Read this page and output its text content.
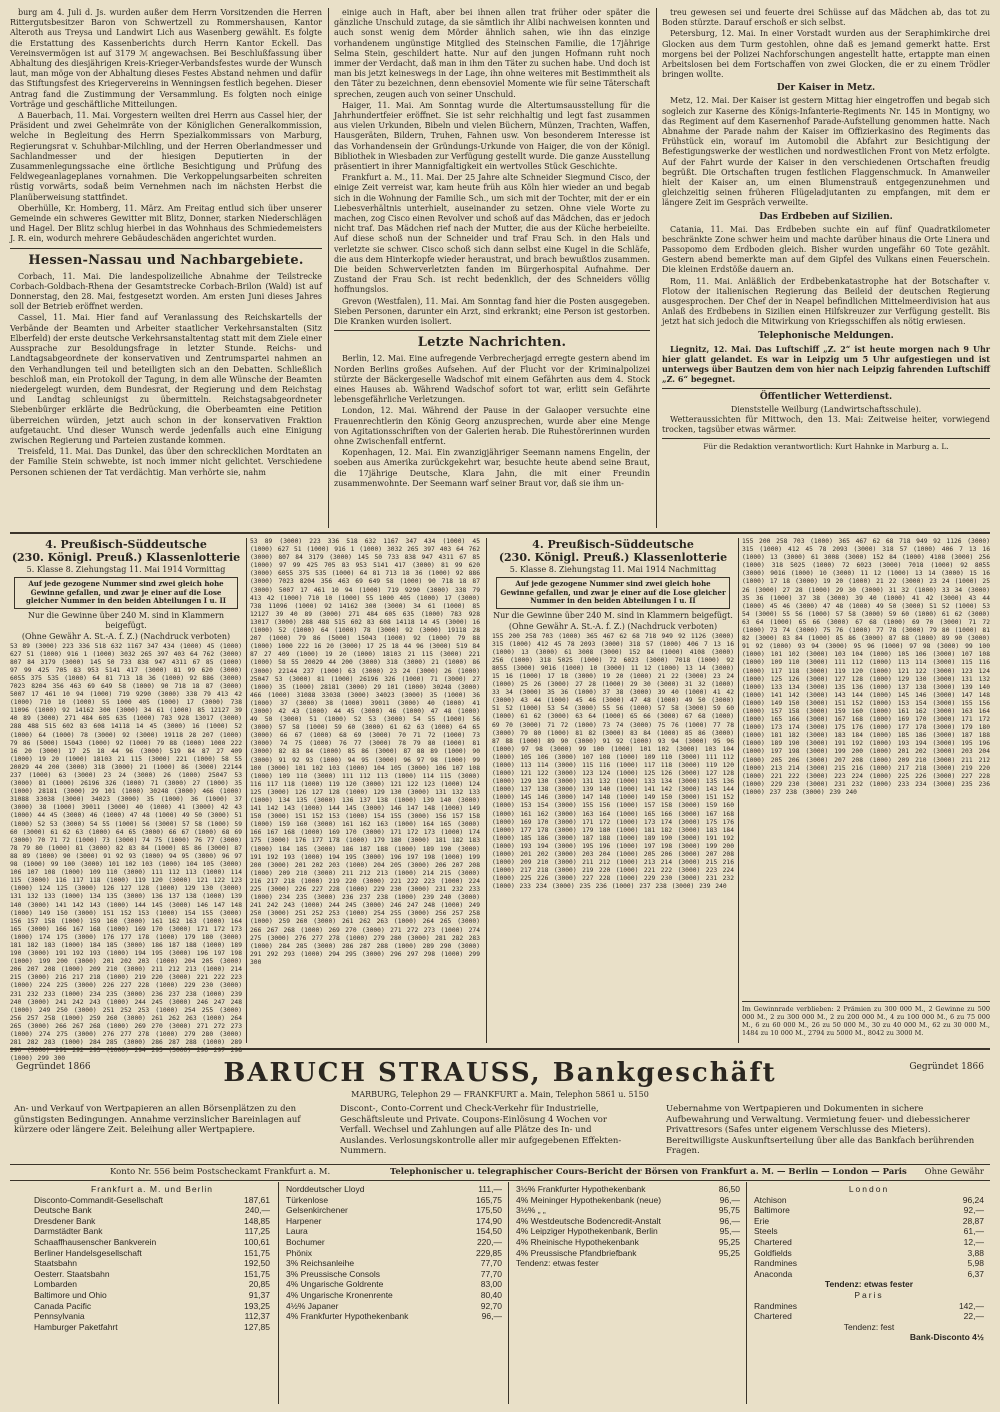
burg am 4. Juli d. Js. wurden außer dem Herrn Vorsitzenden die Herren Rittergutsbesitzer Baron von Schwertzell zu Rommershausen, Kantor Alteroth aus Treysa und Landwirt Lich aus Wasenberg gewählt. Es folgte die Erstattung des Kassenberichts durch Herrn Kantor Eckell. Das Vereinsvermögen ist auf 3179 ℳ angewachsen. Bei Beschlußfassung über Abhaltung des diesjährigen Kreis-Krieger-Verbandsfestes wurde der Wunsch laut, man möge von der Abhaltung dieses Festes Abstand nehmen und dafür das Stiftungsfest des Kriegervereins in Wenningsen festlich begehen. Dieser Antrag fand die Zustimmung der Versammlung. Es folgten noch einige Vorträge und geschäftliche Mitteilungen.

Δ Bauerbach, 11. Mai. Vorgestern weilten drei Herrn aus Cassel hier, der Präsident und zwei Geheimräte von der Königlichen Generalkommission, welche in Begleitung des Herrn Spezialkommissars von Marburg, Regierungsrat v. Schuhbar-Milchling, und der Herren Oberlandmesser und Sachlandmesser und der hiesigen Deputierten in der Zusammenlegungssache eine örtliche Besichtigung und Prüfung des Feldwegeanlageplanes vornahmen. Die Verkoppelungsarbeiten schreiten rüstig vorwärts, sodaß beim Vernehmen nach im nächsten Herbst die Planüberweisung stattfindet.

Oberhülle, Kr. Homberg, 11. März. Am Freitag entlud sich über unserer Gemeinde ein schweres Gewitter mit Blitz, Donner, starken Niederschlägen und Hagel. Der Blitz schlug hierbei in das Wohnhaus des Schmiedemeisters J. R. ein, wodurch mehrere Gebäudeschäden angerichtet wurden.

Hessen-Nassau und Nachbargebiete.

Corbach, 11. Mai. Die landespolizeiliche Abnahme der Teilstrecke Corbach-Goldbach-Rhena der Gesamtstrecke Corbach-Brilon (Wald) ist auf Donnerstag, den 28. Mai, festgesetzt worden. Am ersten Juni dieses Jahres soll der Betrieb eröffnet werden.

Cassel, 11. Mai. Hier fand auf Veranlassung des Reichskartells der Verbände der Beamten und Arbeiter staatlicher Verkehrsanstalten (Sitz Elberfeld) der erste deutsche Verkehrsanstaltentag statt mit dem Ziele einer Aussprache zur Besoldungsfrage in letzter Stunde. Reichs- und Landtagsabgeordnete der konservativen und Zentrumspartei nahmen an den Verhandlungen teil und beteiligten sich an den Debatten. Schließlich beschloß man, ein Protokoll der Tagung, in dem alle Wünsche der Beamten niedergelegt wurden, dem Bundesrat, der Regierung und dem Reichstag und Landtag schleunigst zu übermitteln. Reichstagsabgeordneter Siebenbürger erklärte die Bedrückung, die Oberbeamten eine Petition überreichen würden, jetzt auch schon in der konservativen Fraktion aufgetaucht. Und dieser Wunsch werde jedenfalls auch eine Einigung zwischen Regierung und Parteien zustande kommen.

Treisfeld, 11. Mai. Das Dunkel, das über den schrecklichen Mordtaten an der Familie Stein schwebte, ist noch immer nicht gelichtet. Verschiedene Personen schienen der Tat verdächtig. Man verhörte sie, nahm

einige auch in Haft, aber bei ihnen allen trat früher oder später die gänzliche Unschuld zutage, da sie sämtlich ihr Alibi nachweisen konnten und auch sonst wenig dem Mörder ähnlich sahen, wie ihn das einzige vorhandenem ungünstige Mitglied des Steinschen Familie, die 17jährige Selma Stein, geschildert hatte. Nur auf den jungen Hofmann ruht noch immer der Verdacht, daß man in ihm den Täter zu suchen habe. Und doch ist man bis jetzt keineswegs in der Lage, ihn ohne weiteres mit Bestimmtheit als den Täter zu bezeichnen, denn ebensoviel Momente wie für seine Täterschaft sprechen, zeugen auch von seiner Unschuld.

Haiger, 11. Mai. Am Sonntag wurde die Altertumsausstellung für die Jahrhundertfeier eröffnet. Sie ist sehr reichhaltig und legt fast zusammen aus vielen Urkunden, Bibeln und vielen Büchern, Münzen, Trachten, Waffen, Hausgeräten, Bildern, Truhen, Fahnen usw. Von besonderem Interesse ist das Vorhandensein der Gründungs-Urkunde von Haiger, die von der Königl. Bibliothek in Wiesbaden zur Verfügung gestellt wurde. Die ganze Ausstellung präsentiert in ihrer Mannigfaltigkeit ein wertvolles Stück Geschichte.

Frankfurt a. M., 11. Mai. Der 25 Jahre alte Schneider Siegmund Cisco, der einige Zeit verreist war, kam heute früh aus Köln hier wieder an und begab sich in die Wohnung der Familie Sch., um sich mit der Tochter, mit der er ein Liebesverhältnis unterhielt, auseinander zu setzen. Ohne viele Worte zu machen, zog Cisco einen Revolver und schoß auf das Mädchen, das er jedoch nicht traf. Das Mädchen rief nach der Mutter, die aus der Küche herbeieilte. Auf diese schoß nun der Schneider und traf Frau Sch. in den Hals und verletzte sie schwer. Cisco schoß sich dann selbst eine Kugel in die Schläfe, die aus dem Hinterkopfe wieder heraustrat, und brach bewußtlos zusammen. Die beiden Schwerverletzten fanden im Bürgerhospital Aufnahme. Der Zustand der Frau Sch. ist recht bedenklich, der des Schneiders völlig hoffnungslos.

Grevon (Westfalen), 11. Mai. Am Sonntag fand hier die Posten ausgegeben. Sieben Personen, darunter ein Arzt, sind erkrankt; eine Person ist gestorben. Die Kranken wurden isoliert.

Letzte Nachrichten.

Berlin, 12. Mai. Eine aufregende Verbrecherjagd erregte gestern abend im Norden Berlins großes Aufsehen. Auf der Flucht vor der Kriminalpolizei stürzte der Bäckergeselle Wadschof mit einem Gefährten aus dem 4. Stock eines Hauses ab. Während Wadschof sofort tot war, erlitt sein Gefährte lebensgefährliche Verletzungen.

London, 12. Mai. Während der Pause in der Galaoper versuchte eine Frauenrechtlerin den König Georg anzusprechen, wurde aber eine Menge von Agitationsschriften von der Galerien herab. Die Ruhestörerinnen wurden ohne Zwischenfall entfernt.

Kopenhagen, 12. Mai. Ein zwanzigjähriger Seemann namens Engelin, der soeben aus Amerika zurückgekehrt war, besuchte heute abend seine Braut, die 17jährige Deutsche, Klara Jahn, die mit einer Freundin zusammenwohnte. Der Seemann warf seiner Braut vor, daß sie ihm un-

treu gewesen sei und feuerte drei Schüsse auf das Mädchen ab, das tot zu Boden stürzte. Darauf erschoß er sich selbst.

Petersburg, 12. Mai. In einer Vorstadt wurden aus der Seraphimkirche drei Glocken aus dem Turm gestohlen, ohne daß es jemand gemerkt hatte. Erst morgens bei der Polizei Nachforschungen angestellt hatte, ertappte man einen Arbeitslosen bei dem Fortschaffen von zwei Glocken, die er zu einem Trödler bringen wollte.

Der Kaiser in Metz.

Metz, 12. Mai. Der Kaiser ist gestern Mittag hier eingetroffen und begab sich sogleich zur Kaserne des Königs-Infanterie-Regiments Nr. 145 in Montigny, wo das Regiment auf dem Kasernenhof Parade-Aufstellung genommen hatte. Nach Abnahme der Parade nahm der Kaiser im Offizierkasino des Regiments das Frühstück ein, worauf im Automobil die Abfahrt zur Besichtigung der Befestigungswerke der westlichen und nordwestlichen Front von Metz erfolgte. Auf der Fahrt wurde der Kaiser in den verschiedenen Ortschaften freudig begrüßt. Die Ortschaften trugen festlichen Flaggenschmuck. In Amanweiler hielt der Kaiser an, um einen Blumenstrauß entgegenzunehmen und gleichzeitig seinen früheren Flügeladjutanten zu empfangen, mit dem er längere Zeit im Gespräch verweilte.

Das Erdbeben auf Sizilien.

Catania, 11. Mai. Das Erdbeben suchte ein auf fünf Quadratkilometer beschränkte Zone schwer heim und machte darüber hinaus die Orte Linera und Passopomo dem Erdboden gleich. Bisher wurden ungefähr 60 Tote gezählt. Gestern abend bemerkte man auf dem Gipfel des Vulkans einen Feuerschein. Die kleinen Erdstöße dauern an.

Rom, 11. Mai. Anläßlich der Erdbebenkatastrophe hat der Botschafter v. Flotow der italienischen Regierung das Beileid der deutschen Regierung ausgesprochen. Der Chef der in Neapel befindlichen Mittelmeerdivision hat aus Anlaß des Erdbebens in Sizilien einen Hilfskreuzer zur Verfügung gestellt. Bis jetzt hat sich jedoch die Mitwirkung von Kriegsschiffen als nötig erwiesen.

Telephonische Meldungen.

Liegnitz, 12. Mai. Das Luftschiff „Z. 2“ ist heute morgen nach 9 Uhr hier glatt gelandet. Es war in Leipzig um 5 Uhr aufgestiegen und ist unterwegs über Bautzen dem von hier nach Leipzig fahrenden Luftschiff „Z. 6“ begegnet.

Öffentlicher Wetterdienst.
Dienststelle Weilburg (Landwirtschaftsschule).

Wetteraussichten für Mittwoch, den 13. Mai: Zeitweise heiter, vorwiegend trocken, tagsüber etwas wärmer.

Für die Redaktion verantwortlich: Kurt Hahnke in Marburg a. L.
4. Preußisch-Süddeutsche
(230. Königl. Preuß.) Klassenlotterie
5. Klasse 8. Ziehungstag 11. Mai 1914 Vormittag
Auf jede gezogene Nummer sind zwei gleich hohe Gewinne gefallen, und zwar je einer auf die Lose gleicher Nummer in den beiden Abteilungen I u. II
Nur die Gewinne über 240 M. sind in Klammern beigefügt.
(Ohne Gewähr A. St.-A. f. Z.) (Nachdruck verboten)
53 89 (3000) 223 336 518 632 1167 347 434 (1000) 45 (1000) 627 51 (1000) 916 1 (1000) 3032 265 397 403 64 762 (3000) 807 84 3179 (3000) 145 50 733 838 947 4311 67 85 (1000) 97 99 425 705 83 953 5141 417 (3000) 81 99 620 (3000) 6055 375 535 (1000) 64 81 713 18 36 (1000) 92 886 (3000) 7023 8204 356 463 69 649 58 (1000) 90 718 18 87 (3000) 5007 17 461 10 94 (1000) 719 9290 (3000) 338 79 413 42 (1000) 710 10 (1000) 55 1000 405 (1000) 17 (3000) 738 11096 (1000) 92 14162 300 (3000) 34 61 (1000) 85 12127 39 40 89 (3000) 271 484 605 635 (1000) 783 928 13017 (3000) 288 488 515 602 83 608 14118 14 45 (3000) 16 (1000) 52 (1000) 64 (1000) 78 (3000) 92 (3000) 19118 28 207 (1000) 79 86 (5000) 15043 (1000) 92 (1000) 79 88 (1000) 1000 222 16 20 (3000) 17 25 18 44 96 (3000) 519 84 87 27 409 (1000) 19 20 (1000) 18103 21 115 (3000) 221 (1000) 58 55 20029 44 200 (3000) 318 (3000) 21 (1000) 86 (3000) 22144 237 (1000) 63 (3000) 23 24 (3000) 26 (1000) 25047 53 (3000) 81 (1000) 26196 326 (1000) 71 (3000) 27 (1000) 35 (1000) 28181 (3000) 29 101 (1000) 30248 (3000) 466 (1000) 31088 33038 (3000) 34023 (3000) 35 (1000) 36 (1000) 37 (3000) 38 (1000) 39011 (3000) 40 (1000) 41 (3000) 42 43 (1000) 44 45 (3000) 46 (1000) 47 48 (1000) 49 50 (3000) 51 (1000) 52 53 (3000) 54 55 (1000) 56 (3000) 57 58 (1000) 59 60 (3000) 61 62 63 (1000) 64 65 (3000) 66 67 (1000) 68 69 (3000) 70 71 72 (1000) 73 (3000) 74 75 (1000) 76 77 (3000) 78 79 80 (1000) 81 (3000) 82 83 84 (1000) 85 86 (3000) 87 88 89 (1000) 90 (3000) 91 92 93 (1000) 94 95 (3000) 96 97 98 (1000) 99 100 (3000) 101 102 103 (1000) 104 105 (3000) 106 107 108 (1000) 109 110 (3000) 111 112 113 (1000) 114 115 (3000) 116 117 118 (1000) 119 120 (3000) 121 122 123 (1000) 124 125 (3000) 126 127 128 (1000) 129 130 (3000) 131 132 133 (1000) 134 135 (3000) 136 137 138 (1000) 139 140 (3000) 141 142 143 (1000) 144 145 (3000) 146 147 148 (1000) 149 150 (3000) 151 152 153 (1000) 154 155 (3000) 156 157 158 (1000) 159 160 (3000) 161 162 163 (1000) 164 165 (3000) 166 167 168 (1000) 169 170 (3000) 171 172 173 (1000) 174 175 (3000) 176 177 178 (1000) 179 180 (3000) 181 182 183 (1000) 184 185 (3000) 186 187 188 (1000) 189 190 (3000) 191 192 193 (1000) 194 195 (3000) 196 197 198 (1000) 199 200 (3000) 201 202 203 (1000) 204 205 (3000) 206 207 208 (1000) 209 210 (3000) 211 212 213 (1000) 214 215 (3000) 216 217 218 (1000) 219 220 (3000) 221 222 223 (1000) 224 225 (3000) 226 227 228 (1000) 229 230 (3000) 231 232 233 (1000) 234 235 (3000) 236 237 238 (1000) 239 240 (3000) 241 242 243 (1000) 244 245 (3000) 246 247 248 (1000) 249 250 (3000) 251 252 253 (1000) 254 255 (3000) 256 257 258 (1000) 259 260 (3000) 261 262 263 (1000) 264 265 (3000) 266 267 268 (1000) 269 270 (3000) 271 272 273 (1000) 274 275 (3000) 276 277 278 (1000) 279 280 (3000) 281 282 283 (1000) 284 285 (3000) 286 287 288 (1000) 289 290 (3000) 291 292 293 (1000) 294 295 (3000) 296 297 298 (1000) 299 300
53 89 (3000) 223 336 518 632 1167 347 434 (1000) 45 (1000) 627 51 (1000) 916 1 (1000) 3032 265 397 403 64 762 (3000) 807 84 3179 (3000) 145 50 733 838 947 4311 67 85 (1000) 97 99 425 705 83 953 5141 417 (3000) 81 99 620 (3000) 6055 375 535 (1000) 64 81 713 18 36 (1000) 92 886 (3000) 7023 8204 356 463 69 649 58 (1000) 90 718 18 87 (3000) 5007 17 461 10 94 (1000) 719 9290 (3000) 338 79 413 42 (1000) 710 10 (1000) 55 1000 405 (1000) 17 (3000) 738 11096 (1000) 92 14162 300 (3000) 34 61 (1000) 85 12127 39 40 89 (3000) 271 484 605 635 (1000) 783 928 13017 (3000) 288 488 515 602 83 608 14118 14 45 (3000) 16 (1000) 52 (1000) 64 (1000) 78 (3000) 92 (3000) 19118 28 207 (1000) 79 86 (5000) 15043 (1000) 92 (1000) 79 88 (1000) 1000 222 16 20 (3000) 17 25 18 44 96 (3000) 519 84 87 27 409 (1000) 19 20 (1000) 18103 21 115 (3000) 221 (1000) 58 55 20029 44 200 (3000) 318 (3000) 21 (1000) 86 (3000) 22144 237 (1000) 63 (3000) 23 24 (3000) 26 (1000) 25047 53 (3000) 81 (1000) 26196 326 (1000) 71 (3000) 27 (1000) 35 (1000) 28181 (3000) 29 101 (1000) 30248 (3000) 466 (1000) 31088 33038 (3000) 34023 (3000) 35 (1000) 36 (1000) 37 (3000) 38 (1000) 39011 (3000) 40 (1000) 41 (3000) 42 43 (1000) 44 45 (3000) 46 (1000) 47 48 (1000) 49 50 (3000) 51 (1000) 52 53 (3000) 54 55 (1000) 56 (3000) 57 58 (1000) 59 60 (3000) 61 62 63 (1000) 64 65 (3000) 66 67 (1000) 68 69 (3000) 70 71 72 (1000) 73 (3000) 74 75 (1000) 76 77 (3000) 78 79 80 (1000) 81 (3000) 82 83 84 (1000) 85 86 (3000) 87 88 89 (1000) 90 (3000) 91 92 93 (1000) 94 95 (3000) 96 97 98 (1000) 99 100 (3000) 101 102 103 (1000) 104 105 (3000) 106 107 108 (1000) 109 110 (3000) 111 112 113 (1000) 114 115 (3000) 116 117 118 (1000) 119 120 (3000) 121 122 123 (1000) 124 125 (3000) 126 127 128 (1000) 129 130 (3000) 131 132 133 (1000) 134 135 (3000) 136 137 138 (1000) 139 140 (3000) 141 142 143 (1000) 144 145 (3000) 146 147 148 (1000) 149 150 (3000) 151 152 153 (1000) 154 155 (3000) 156 157 158 (1000) 159 160 (3000) 161 162 163 (1000) 164 165 (3000) 166 167 168 (1000) 169 170 (3000) 171 172 173 (1000) 174 175 (3000) 176 177 178 (1000) 179 180 (3000) 181 182 183 (1000) 184 185 (3000) 186 187 188 (1000) 189 190 (3000) 191 192 193 (1000) 194 195 (3000) 196 197 198 (1000) 199 200 (3000) 201 202 203 (1000) 204 205 (3000) 206 207 208 (1000) 209 210 (3000) 211 212 213 (1000) 214 215 (3000) 216 217 218 (1000) 219 220 (3000) 221 222 223 (1000) 224 225 (3000) 226 227 228 (1000) 229 230 (3000) 231 232 233 (1000) 234 235 (3000) 236 237 238 (1000) 239 240 (3000) 241 242 243 (1000) 244 245 (3000) 246 247 248 (1000) 249 250 (3000) 251 252 253 (1000) 254 255 (3000) 256 257 258 (1000) 259 260 (3000) 261 262 263 (1000) 264 265 (3000) 266 267 268 (1000) 269 270 (3000) 271 272 273 (1000) 274 275 (3000) 276 277 278 (1000) 279 280 (3000) 281 282 283 (1000) 284 285 (3000) 286 287 288 (1000) 289 290 (3000) 291 292 293 (1000) 294 295 (3000) 296 297 298 (1000) 299 300
4. Preußisch-Süddeutsche
(230. Königl. Preuß.) Klassenlotterie
5. Klasse 8. Ziehungstag 11. Mai 1914 Nachmittag
Auf jede gezogene Nummer sind zwei gleich hohe Gewinne gefallen, und zwar je einer auf die Lose gleicher Nummer in den beiden Abteilungen I u. II
Nur die Gewinne über 240 M. sind in Klammern beigefügt.
(Ohne Gewähr A. St.-A. f. Z.) (Nachdruck verboten)
155 200 258 703 (1000) 365 467 62 68 718 949 92 1126 (3000) 315 (1000) 412 45 78 2093 (3000) 318 57 (1000) 406 7 13 16 (1000) 13 (3000) 61 3008 (3000) 152 84 (1000) 4108 (3000) 256 (1000) 318 5025 (1000) 72 6023 (3000) 7018 (1000) 92 8055 (3000) 9016 (1000) 10 (3000) 11 12 (1000) 13 14 (3000) 15 16 (1000) 17 18 (3000) 19 20 (1000) 21 22 (3000) 23 24 (1000) 25 26 (3000) 27 28 (1000) 29 30 (3000) 31 32 (1000) 33 34 (3000) 35 36 (1000) 37 38 (3000) 39 40 (1000) 41 42 (3000) 43 44 (1000) 45 46 (3000) 47 48 (1000) 49 50 (3000) 51 52 (1000) 53 54 (3000) 55 56 (1000) 57 58 (3000) 59 60 (1000) 61 62 (3000) 63 64 (1000) 65 66 (3000) 67 68 (1000) 69 70 (3000) 71 72 (1000) 73 74 (3000) 75 76 (1000) 77 78 (3000) 79 80 (1000) 81 82 (3000) 83 84 (1000) 85 86 (3000) 87 88 (1000) 89 90 (3000) 91 92 (1000) 93 94 (3000) 95 96 (1000) 97 98 (3000) 99 100 (1000) 101 102 (3000) 103 104 (1000) 105 106 (3000) 107 108 (1000) 109 110 (3000) 111 112 (1000) 113 114 (3000) 115 116 (1000) 117 118 (3000) 119 120 (1000) 121 122 (3000) 123 124 (1000) 125 126 (3000) 127 128 (1000) 129 130 (3000) 131 132 (1000) 133 134 (3000) 135 136 (1000) 137 138 (3000) 139 140 (1000) 141 142 (3000) 143 144 (1000) 145 146 (3000) 147 148 (1000) 149 150 (3000) 151 152 (1000) 153 154 (3000) 155 156 (1000) 157 158 (3000) 159 160 (1000) 161 162 (3000) 163 164 (1000) 165 166 (3000) 167 168 (1000) 169 170 (3000) 171 172 (1000) 173 174 (3000) 175 176 (1000) 177 178 (3000) 179 180 (1000) 181 182 (3000) 183 184 (1000) 185 186 (3000) 187 188 (1000) 189 190 (3000) 191 192 (1000) 193 194 (3000) 195 196 (1000) 197 198 (3000) 199 200 (1000) 201 202 (3000) 203 204 (1000) 205 206 (3000) 207 208 (1000) 209 210 (3000) 211 212 (1000) 213 214 (3000) 215 216 (1000) 217 218 (3000) 219 220 (1000) 221 222 (3000) 223 224 (1000) 225 226 (3000) 227 228 (1000) 229 230 (3000) 231 232 (1000) 233 234 (3000) 235 236 (1000) 237 238 (3000) 239 240
155 200 258 703 (1000) 365 467 62 68 718 949 92 1126 (3000) 315 (1000) 412 45 78 2093 (3000) 318 57 (1000) 406 7 13 16 (1000) 13 (3000) 61 3008 (3000) 152 84 (1000) 4108 (3000) 256 (1000) 318 5025 (1000) 72 6023 (3000) 7018 (1000) 92 8055 (3000) 9016 (1000) 10 (3000) 11 12 (1000) 13 14 (3000) 15 16 (1000) 17 18 (3000) 19 20 (1000) 21 22 (3000) 23 24 (1000) 25 26 (3000) 27 28 (1000) 29 30 (3000) 31 32 (1000) 33 34 (3000) 35 36 (1000) 37 38 (3000) 39 40 (1000) 41 42 (3000) 43 44 (1000) 45 46 (3000) 47 48 (1000) 49 50 (3000) 51 52 (1000) 53 54 (3000) 55 56 (1000) 57 58 (3000) 59 60 (1000) 61 62 (3000) 63 64 (1000) 65 66 (3000) 67 68 (1000) 69 70 (3000) 71 72 (1000) 73 74 (3000) 75 76 (1000) 77 78 (3000) 79 80 (1000) 81 82 (3000) 83 84 (1000) 85 86 (3000) 87 88 (1000) 89 90 (3000) 91 92 (1000) 93 94 (3000) 95 96 (1000) 97 98 (3000) 99 100 (1000) 101 102 (3000) 103 104 (1000) 105 106 (3000) 107 108 (1000) 109 110 (3000) 111 112 (1000) 113 114 (3000) 115 116 (1000) 117 118 (3000) 119 120 (1000) 121 122 (3000) 123 124 (1000) 125 126 (3000) 127 128 (1000) 129 130 (3000) 131 132 (1000) 133 134 (3000) 135 136 (1000) 137 138 (3000) 139 140 (1000) 141 142 (3000) 143 144 (1000) 145 146 (3000) 147 148 (1000) 149 150 (3000) 151 152 (1000) 153 154 (3000) 155 156 (1000) 157 158 (3000) 159 160 (1000) 161 162 (3000) 163 164 (1000) 165 166 (3000) 167 168 (1000) 169 170 (3000) 171 172 (1000) 173 174 (3000) 175 176 (1000) 177 178 (3000) 179 180 (1000) 181 182 (3000) 183 184 (1000) 185 186 (3000) 187 188 (1000) 189 190 (3000) 191 192 (1000) 193 194 (3000) 195 196 (1000) 197 198 (3000) 199 200 (1000) 201 202 (3000) 203 204 (1000) 205 206 (3000) 207 208 (1000) 209 210 (3000) 211 212 (1000) 213 214 (3000) 215 216 (1000) 217 218 (3000) 219 220 (1000) 221 222 (3000) 223 224 (1000) 225 226 (3000) 227 228 (1000) 229 230 (3000) 231 232 (1000) 233 234 (3000) 235 236 (1000) 237 238 (3000) 239 240
Im Gewinnrade verblieben: 2 Prämien zu 300 000 M., 2 Gewinne zu 500 000 M., 2 zu 300 000 M., 2 zu 200 000 M., 4 zu 100 000 M., 6 zu 75 000 M., 6 zu 60 000 M., 26 zu 50 000 M., 30 zu 40 000 M., 62 zu 30 000 M., 1484 zu 10 000 M., 2794 zu 5000 M., 8042 zu 3000 M.
Gegründet 1866	Gegründet 1866
BARUCH STRAUSS, Bankgeschäft
MARBURG, Telephon 29 — FRANKFURT a. Main, Telephon 5861 u. 5150
An- und Verkauf von Wertpapieren an allen Börsenplätzen zu den günstigsten Bedingungen. Annahme verzinslicher Bareinlagen auf kürzere oder längere Zeit. Beleihung aller Wertpapiere.
Discont-, Conto-Corrent und Check-Verkehr für Industrielle, Geschäftsleute und Private. Coupons-Einlösung 4 Wochen vor Verfall. Wechsel und Zahlungen auf alle Plätze des In- und Auslandes. Verlosungskontrolle aller mir aufgegebenen Effekten-Nummern.
Uebernahme von Wertpapieren und Dokumenten in sichere Aufbewahrung und Verwaltung. Vermietung feuer- und diebessicherer Privattresors (Safes unter eigenem Verschlusse des Mieters). Bereitwilligste Auskunftserteilung über alle das Bankfach berührenden Fragen.
Konto Nr. 556 beim Postscheckamt Frankfurt a. M.	Telephonischer u. telegraphischer Cours-Bericht der Börsen von Frankfurt a. M. — Berlin — London — Paris Ohne Gewähr
Frankfurt a. M. und Berlin
Disconto-Commandit-Gesellschaft	187,61
Deutsche Bank	240,—
Dresdener Bank	148,85
Darmstädter Bank	117,25
Schaaffhausenscher Bankverein	100,61
Berliner Handelsgesellschaft	151,75
Staatsbahn	192,50
Oesterr. Staatsbahn	151,75
Lombarden	20,85
Baltimore und Ohio	91,37
Canada Pacific	193,25
Pennsylvania	112,37
Hamburger Paketfahrt	127,85
Norddeutscher Lloyd	111,—
Türkenlose	165,75
Gelsenkirchener	175,50
Harpener	174,90
Laura	154,50
Bochumer	220,—
Phönix	229,85
3% Reichsanleihe	77,70
3% Preussische Consols	77,70
4% Ungarische Goldrente	83,00
4% Ungarische Kronenrente	80,40
4½% Japaner	92,70
4% Frankfurter Hypothekenbank	96,—
3½% Frankfurter Hypothekenbank	86,50
4% Meininger Hypothekenbank (neue)	96,—
3½% „ „	95,75
4% Westdeutsche Bodencredit-Anstalt	96,—
4% Leipziger Hypothekenbank, Berlin	95,—
4% Rheinische Hypothekenbank	95,25
4% Preussische Pfandbriefbank	95,25
Tendenz: etwas fester
London
Atchison	96,24
Baltimore	92,—
Erie	28,87
Steels	61,—
Chartered	12,—
Goldfields	3,88
Randmines	5,98
Anaconda	6,37
Tendenz: etwas fester
Paris
Randmines	142,—
Chartered	22,—
Tendenz: fest
Bank-Disconto 4½
